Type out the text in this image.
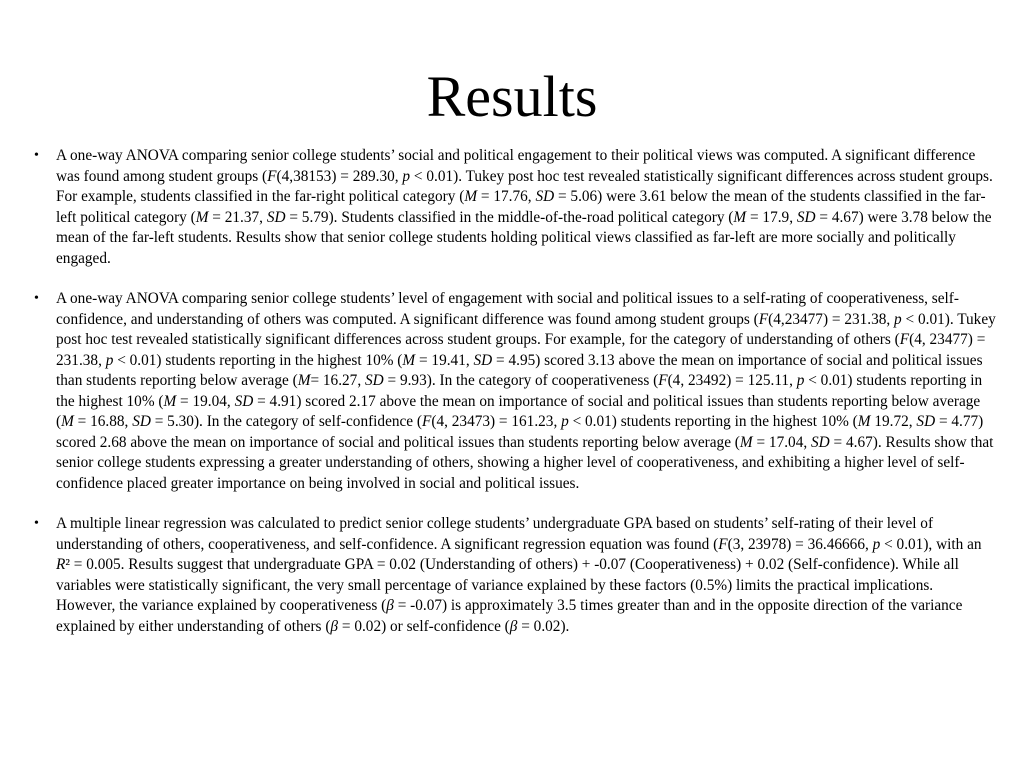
Results
• A one-way ANOVA comparing senior college students’ social and political engagement to their political views was computed. A significant difference was found among student groups (F(4,38153) = 289.30, p < 0.01). Tukey post hoc test revealed statistically significant differences across student groups. For example, students classified in the far-right political category (M = 17.76, SD = 5.06) were 3.61 below the mean of the students classified in the far-left political category (M = 21.37, SD = 5.79). Students classified in the middle-of-the-road political category (M = 17.9, SD = 4.67) were 3.78 below the mean of the far-left students. Results show that senior college students holding political views classified as far-left are more socially and politically engaged.
• A one-way ANOVA comparing senior college students’ level of engagement with social and political issues to a self-rating of cooperativeness, self-confidence, and understanding of others was computed. A significant difference was found among student groups (F(4,23477) = 231.38, p < 0.01). Tukey post hoc test revealed statistically significant differences across student groups. For example, for the category of understanding of others (F(4, 23477) = 231.38, p < 0.01) students reporting in the highest 10% (M = 19.41, SD = 4.95) scored 3.13 above the mean on importance of social and political issues than students reporting below average (M= 16.27, SD = 9.93). In the category of cooperativeness (F(4, 23492) = 125.11, p < 0.01) students reporting in the highest 10% (M = 19.04, SD = 4.91) scored 2.17 above the mean on importance of social and political issues than students reporting below average (M = 16.88, SD = 5.30). In the category of self-confidence (F(4, 23473) = 161.23, p < 0.01) students reporting in the highest 10% (M 19.72, SD = 4.77) scored 2.68 above the mean on importance of social and political issues than students reporting below average (M = 17.04, SD = 4.67). Results show that senior college students expressing a greater understanding of others, showing a higher level of cooperativeness, and exhibiting a higher level of self-confidence placed greater importance on being involved in social and political issues.
• A multiple linear regression was calculated to predict senior college students’ undergraduate GPA based on students’ self-rating of their level of understanding of others, cooperativeness, and self-confidence. A significant regression equation was found (F(3, 23978) = 36.46666, p < 0.01), with an R² = 0.005. Results suggest that undergraduate GPA = 0.02 (Understanding of others) + -0.07 (Cooperativeness) + 0.02 (Self-confidence). While all variables were statistically significant, the very small percentage of variance explained by these factors (0.5%) limits the practical implications. However, the variance explained by cooperativeness (β = -0.07) is approximately 3.5 times greater than and in the opposite direction of the variance explained by either understanding of others (β = 0.02) or self-confidence (β = 0.02).
